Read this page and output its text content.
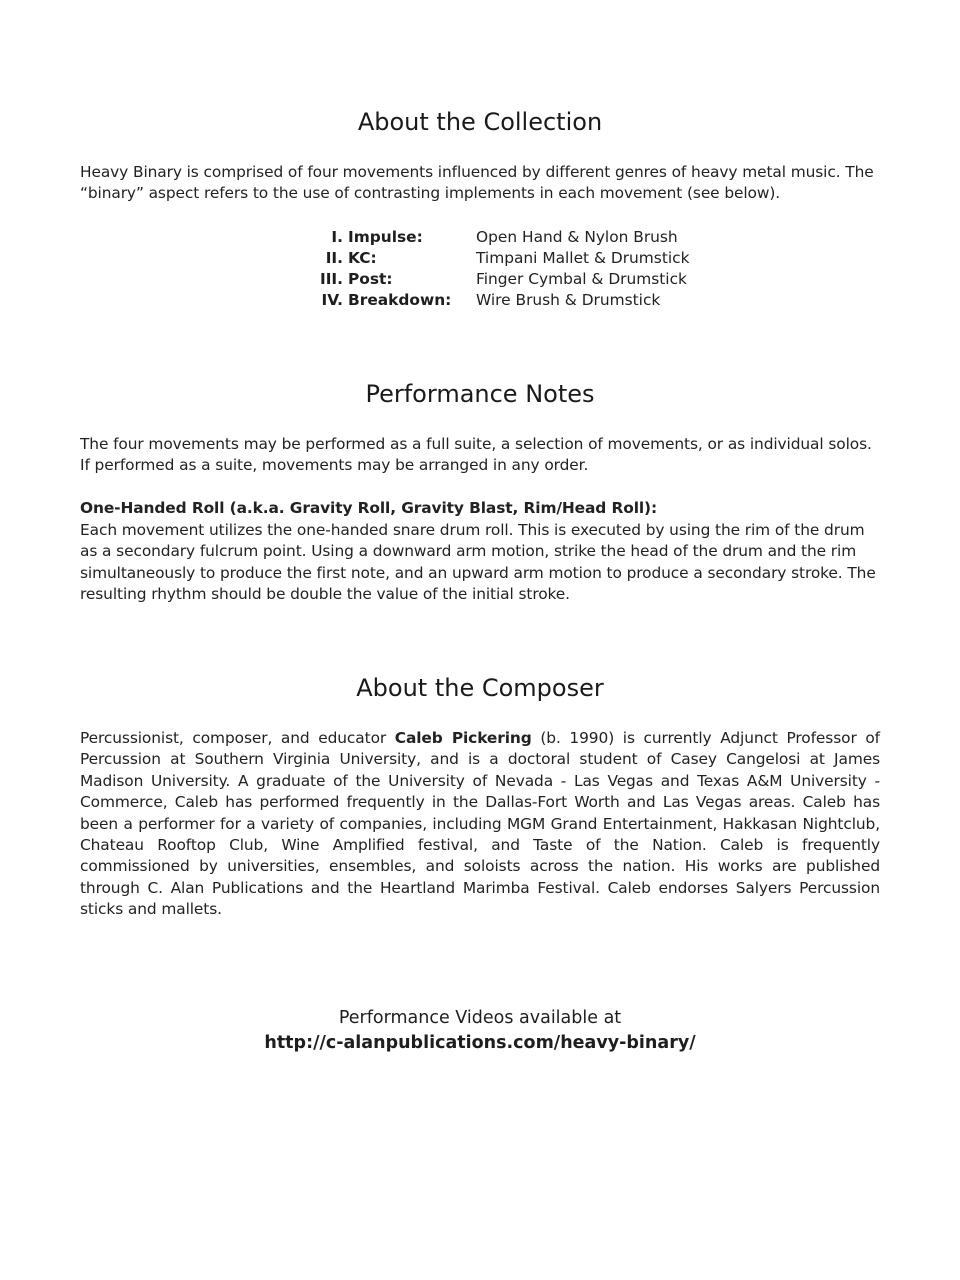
About the Collection

Heavy Binary is comprised of four movements influenced by different genres of heavy metal music. The “binary” aspect refers to the use of contrasting implements in each movement (see below).

I. Impulse:	Open Hand & Nylon Brush
II. KC:	Timpani Mallet & Drumstick
III. Post:	Finger Cymbal & Drumstick
IV. Breakdown: Wire Brush & Drumstick
Performance Notes

The four movements may be performed as a full suite, a selection of movements, or as individual solos. If performed as a suite, movements may be arranged in any order.

One-Handed Roll (a.k.a. Gravity Roll, Gravity Blast, Rim/Head Roll):

Each movement utilizes the one-handed snare drum roll. This is executed by using the rim of the drum as a secondary fulcrum point. Using a downward arm motion, strike the head of the drum and the rim simultaneously to produce the first note, and an upward arm motion to produce a secondary stroke. The resulting rhythm should be double the value of the initial stroke.

About the Composer

Percussionist, composer, and educator Caleb Pickering (b. 1990) is currently Adjunct Professor of Percussion at Southern Virginia University, and is a doctoral student of Casey Cangelosi at James Madison University. A graduate of the University of Nevada - Las Vegas and Texas A&M University - Commerce, Caleb has performed frequently in the Dallas-Fort Worth and Las Vegas areas. Caleb has been a performer for a variety of companies, including MGM Grand Entertainment, Hakkasan Nightclub, Chateau Rooftop Club, Wine Amplified festival, and Taste of the Nation. Caleb is frequently commissioned by universities, ensembles, and soloists across the nation. His works are published through C. Alan Publications and the Heartland Marimba Festival. Caleb endorses Salyers Percussion sticks and mallets.

Performance Videos available at
http://c-alanpublications.com/heavy-binary/
